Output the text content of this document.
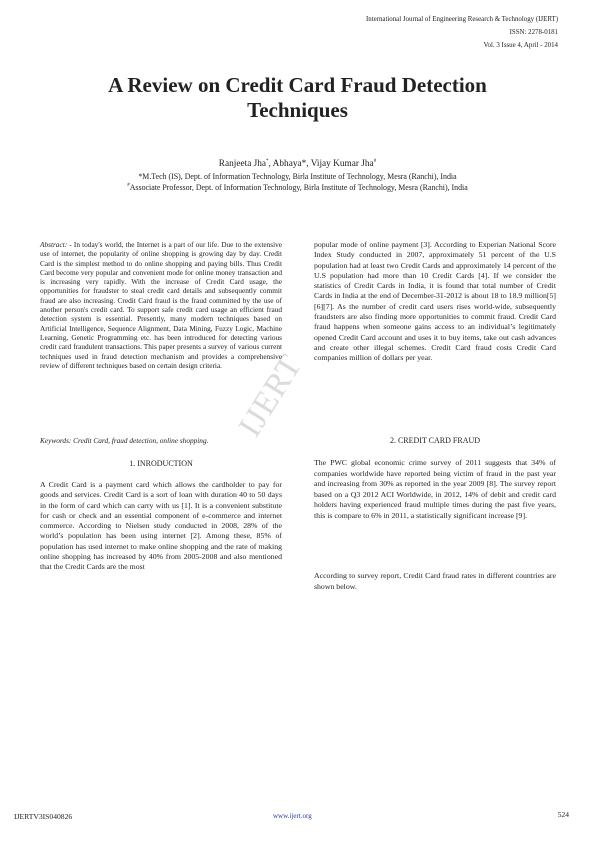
International Journal of Engineering Research & Technology (IJERT)
ISSN: 2278-0181
Vol. 3 Issue 4, April - 2014
A Review on Credit Card Fraud Detection
Techniques
Ranjeeta Jha*, Abhaya*, Vijay Kumar Jha#
*M.Tech (IS), Dept. of Information Technology, Birla Institute of Technology, Mesra (Ranchi), India
#Associate Professor, Dept. of Information Technology, Birla Institute of Technology, Mesra (Ranchi), India
IJERT

Abstract: - In today's world, the Internet is a part of our life. Due to the extensive use of internet, the popularity of online shopping is growing day by day. Credit Card is the simplest method to do online shopping and paying bills. Thus Credit Card become very popular and convenient mode for online money transaction and is increasing very rapidly. With the increase of Credit Card usage, the opportunities for fraudster to steal credit card details and subsequently commit fraud are also increasing. Credit Card fraud is the fraud committed by the use of another person's credit card. To support safe credit card usage an efficient fraud detection system is essential. Presently, many modern techniques based on Artificial Intelligence, Sequence Alignment, Data Mining, Fuzzy Logic, Machine Learning, Genetic Programming etc. has been introduced for detecting various credit card fraudulent transactions. This paper presents a survey of various current techniques used in fraud detection mechanism and provides a comprehensive review of different techniques based on certain design criteria.

Keywords: Credit Card, fraud detection, online shopping.
1. INRODUCTION
A Credit Card is a payment card which allows the cardholder to pay for goods and services. Credit Card is a sort of loan with duration 40 to 50 days in the form of card which can carry with us [1]. It is a convenient substitute for cash or check and an essential component of e-commerce and internet commerce. According to Nielsen study conducted in 2008, 28% of the world’s population has been using internet [2]. Among these, 85% of population has used internet to make online shopping and the rate of making online shopping has increased by 40% from 2005-2008 and also mentioned that the Credit Cards are the most
popular mode of online payment [3]. According to Experian National Score Index Study conducted in 2007, approximately 51 percent of the U.S population had at least two Credit Cards and approximately 14 percent of the U.S population had more than 10 Credit Cards [4]. If we consider the statistics of Credit Cards in India, it is found that total number of Credit Cards in India at the end of December-31-2012 is about 18 to 18.9 million[5][6][7]. As the number of credit card users rises world-wide, subsequently fraudsters are also finding more opportunities to commit fraud. Credit Card fraud happens when someone gains access to an individual’s legitimately opened Credit Card account and uses it to buy items, take out cash advances and create other illegal schemes. Credit Card fraud costs Credit Card companies million of dollars per year.
2. CREDIT CARD FRAUD
The PWC global economic crime survey of 2011 suggests that 34% of companies worldwide have reported being victim of fraud in the past year and increasing from 30% as reported in the year 2009 [8]. The survey report based on a Q3 2012 ACI Worldwide, in 2012, 14% of debit and credit card holders having experienced fraud multiple times during the past five years, this is compare to 6% in 2011, a statistically significant increase [9].
According to survey report, Credit Card fraud rates in different countries are shown below.
IJERTV3IS040826	www.ijert.org	524
